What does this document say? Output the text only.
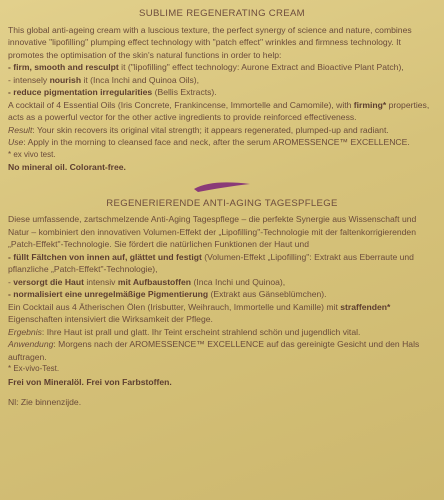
SUBLIME REGENERATING CREAM

This global anti-ageing cream with a luscious texture, the perfect synergy of science and nature, combines innovative "lipofilling" plumping effect technology with "patch effect" wrinkles and firmness technology. It promotes the optimisation of the skin's natural functions in order to help:

- firm, smooth and resculpt it ("lipofilling" effect technology: Aurone Extract and Bioactive Plant Patch),

- intensely nourish it (Inca Inchi and Quinoa Oils),

- reduce pigmentation irregularities (Bellis Extracts).

A cocktail of 4 Essential Oils (Iris Concrete, Frankincense, Immortelle and Camomile), with firming* properties, acts as a powerful vector for the other active ingredients to provide reinforced effectiveness.

Result: Your skin recovers its original vital strength; it appears regenerated, plumped-up and radiant.

Use: Apply in the morning to cleansed face and neck, after the serum AROMESSENCE™ EXCELLENCE.

* ex vivo test.

No mineral oil. Colorant-free.

REGENERIERENDE ANTI-AGING TAGESPFLEGE

Diese umfassende, zartschmelzende Anti-Aging Tagespflege – die perfekte Synergie aus Wissenschaft und Natur – kombiniert den innovativen Volumen-Effekt der „Lipofilling"-Technologie mit der faltenkorrigierenden „Patch-Effekt"-Technologie. Sie fördert die natürlichen Funktionen der Haut und

- füllt Fältchen von innen auf, glättet und festigt (Volumen-Effekt „Lipofilling": Extrakt aus Eberraute und pflanzliche „Patch-Effekt"-Technologie),

- versorgt die Haut intensiv mit Aufbaustoffen (Inca Inchi und Quinoa),

- normalisiert eine unregelmäßige Pigmentierung (Extrakt aus Gänseblümchen).

Ein Cocktail aus 4 Ätherischen Ölen (Irisbutter, Weihrauch, Immortelle und Kamille) mit straffenden* Eigenschaften intensiviert die Wirksamkeit der Pflege.

Ergebnis: Ihre Haut ist prall und glatt. Ihr Teint erscheint strahlend schön und jugendlich vital.

Anwendung: Morgens nach der AROMESSENCE™ EXCELLENCE auf das gereinigte Gesicht und den Hals auftragen.

* Ex-vivo-Test.

Frei von Mineralöl. Frei von Farbstoffen.

Nl: Zie binnenzijde.
